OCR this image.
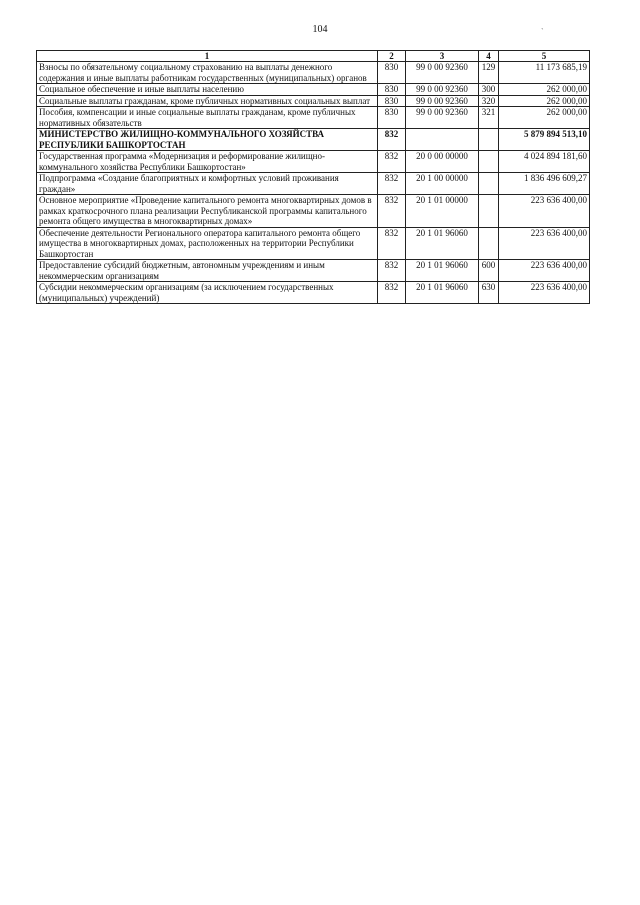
104	`
1	2	3	4	5
Взносы по обязательному социальному страхованию на выплаты денежного содержания и иные выплаты работникам государственных (муниципальных) органов	830	99 0 00 92360	129	11 173 685,19
Социальное обеспечение и иные выплаты населению	830	99 0 00 92360	300	262 000,00
Социальные выплаты гражданам, кроме публичных нормативных социальных выплат	830	99 0 00 92360	320	262 000,00
Пособия, компенсации и иные социальные выплаты гражданам, кроме публичных нормативных обязательств	830	99 0 00 92360	321	262 000,00
МИНИСТЕРСТВО ЖИЛИЩНО-КОММУНАЛЬНОГО ХОЗЯЙСТВА РЕСПУБЛИКИ БАШКОРТОСТАН	832			5 879 894 513,10
Государственная программа «Модернизация и реформирование жилищно-коммунального хозяйства Республики Башкортостан»	832	20 0 00 00000		4 024 894 181,60
Подпрограмма «Создание благоприятных и комфортных условий проживания граждан»	832	20 1 00 00000		1 836 496 609,27
Основное мероприятие «Проведение капитального ремонта многоквартирных домов в рамках краткосрочного плана реализации Республиканской программы капитального ремонта общего имущества в многоквартирных домах»	832	20 1 01 00000		223 636 400,00
Обеспечение деятельности Регионального оператора капитального ремонта общего имущества в многоквартирных домах, расположенных на территории Республики Башкортостан	832	20 1 01 96060		223 636 400,00
Предоставление субсидий бюджетным, автономным учреждениям и иным некоммерческим организациям	832	20 1 01 96060	600	223 636 400,00
Субсидии некоммерческим организациям (за исключением государственных (муниципальных) учреждений)	832	20 1 01 96060	630	223 636 400,00
